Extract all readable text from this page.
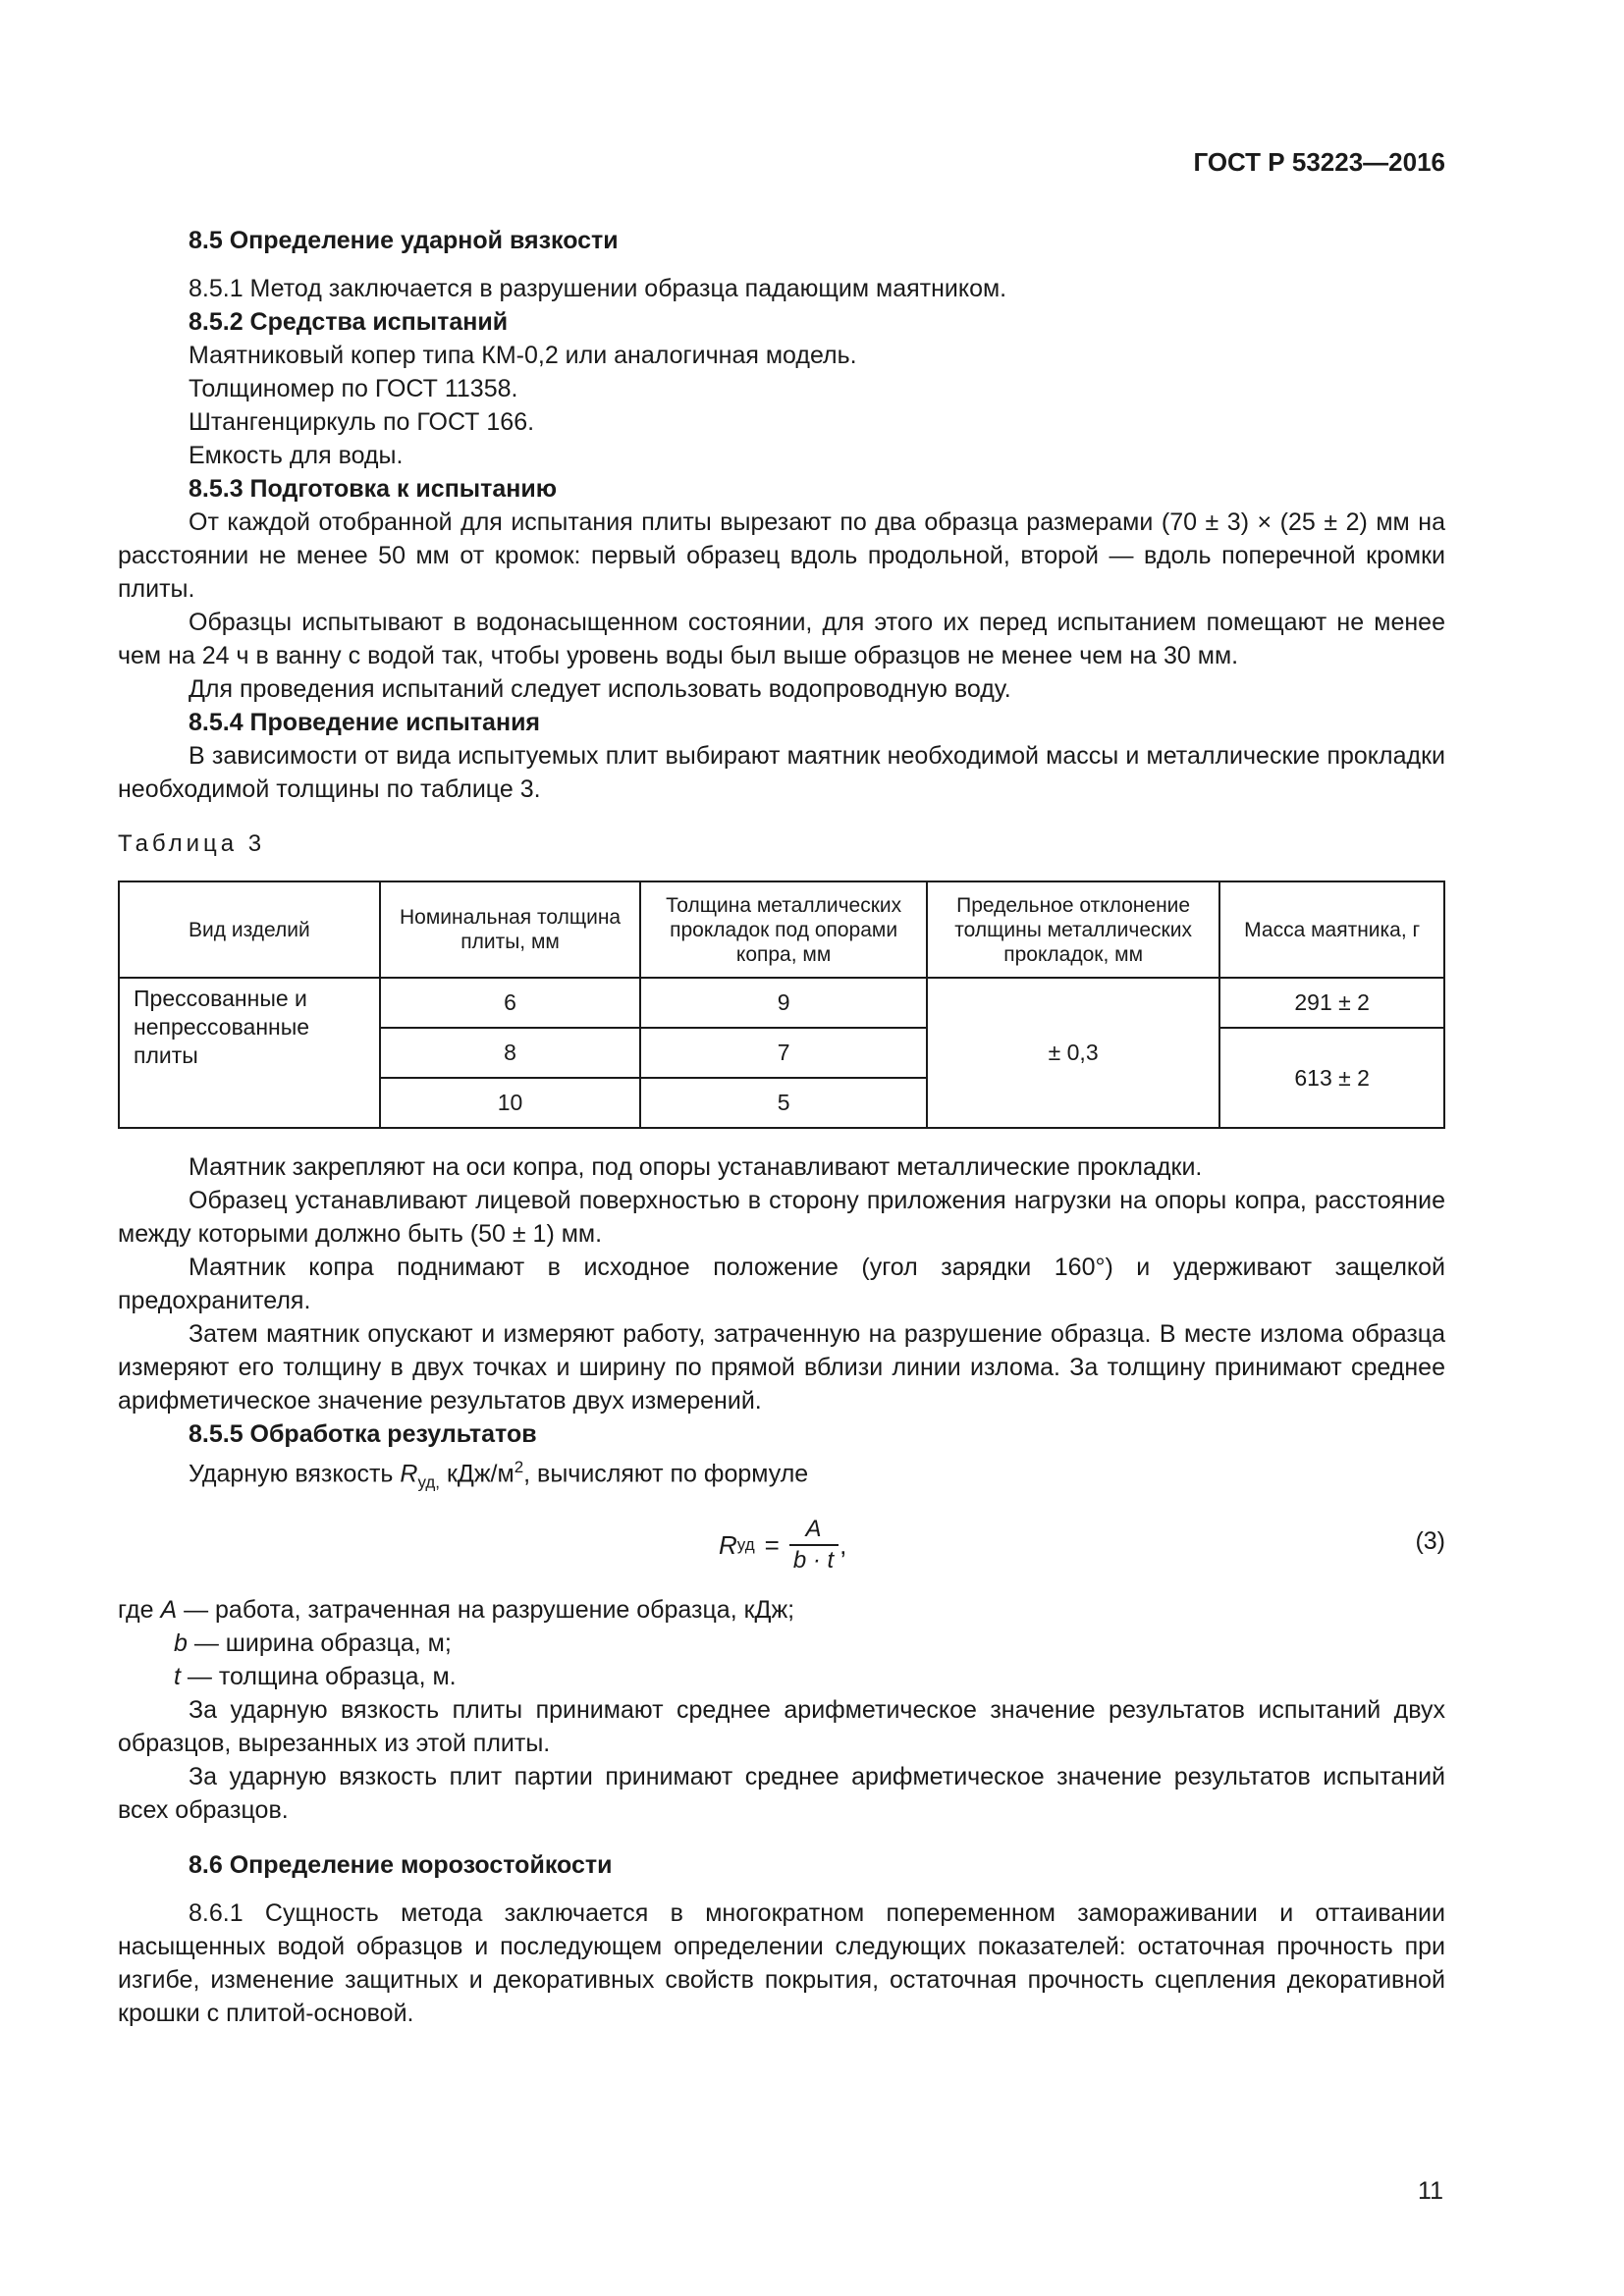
ГОСТ Р 53223—2016

8.5 Определение ударной вязкости

8.5.1 Метод заключается в разрушении образца падающим маятником.

8.5.2 Средства испытаний

Маятниковый копер типа КМ-0,2 или аналогичная модель.

Толщиномер по ГОСТ 11358.

Штангенциркуль по ГОСТ 166.

Емкость для воды.

8.5.3 Подготовка к испытанию

От каждой отобранной для испытания плиты вырезают по два образца размерами (70 ± 3) × (25 ± 2) мм на расстоянии не менее 50 мм от кромок: первый образец вдоль продольной, второй — вдоль поперечной кромки плиты.

Образцы испытывают в водонасыщенном состоянии, для этого их перед испытанием помещают не менее чем на 24 ч в ванну с водой так, чтобы уровень воды был выше образцов не менее чем на 30 мм.

Для проведения испытаний следует использовать водопроводную воду.

8.5.4 Проведение испытания

В зависимости от вида испытуемых плит выбирают маятник необходимой массы и металлические прокладки необходимой толщины по таблице 3.

Таблица 3

Вид изделий	Номинальная толщина плиты, мм	Толщина металлических прокладок под опорами копра, мм	Предельное отклонение толщины металлических прокладок, мм	Масса маятника, г
Прессованные и непрессованные плиты	6	9	± 0,3	291 ± 2
	8	7		613 ± 2
	10	5		

Маятник закрепляют на оси копра, под опоры устанавливают металлические прокладки.

Образец устанавливают лицевой поверхностью в сторону приложения нагрузки на опоры копра, расстояние между которыми должно быть (50 ± 1) мм.

Маятник копра поднимают в исходное положение (угол зарядки 160°) и удерживают защелкой предохранителя.

Затем маятник опускают и измеряют работу, затраченную на разрушение образца. В месте излома образца измеряют его толщину в двух точках и ширину по прямой вблизи линии излома. За толщину принимают среднее арифметическое значение результатов двух измерений.

8.5.5 Обработка результатов

Ударную вязкость $R_{уд,}$ кДж/$м^2$, вычисляют по формуле

R уд = $\frac{A}{b \cdot t}$ ,	(3)

где A — работа, затраченная на разрушение образца, кДж;

b — ширина образца, м;

t — толщина образца, м.

За ударную вязкость плиты принимают среднее арифметическое значение результатов испытаний двух образцов, вырезанных из этой плиты.

За ударную вязкость плит партии принимают среднее арифметическое значение результатов испытаний всех образцов.

8.6 Определение морозостойкости

8.6.1 Сущность метода заключается в многократном попеременном замораживании и оттаивании насыщенных водой образцов и последующем определении следующих показателей: остаточная прочность при изгибе, изменение защитных и декоративных свойств покрытия, остаточная прочность сцепления декоративной крошки с плитой-основой.

11
